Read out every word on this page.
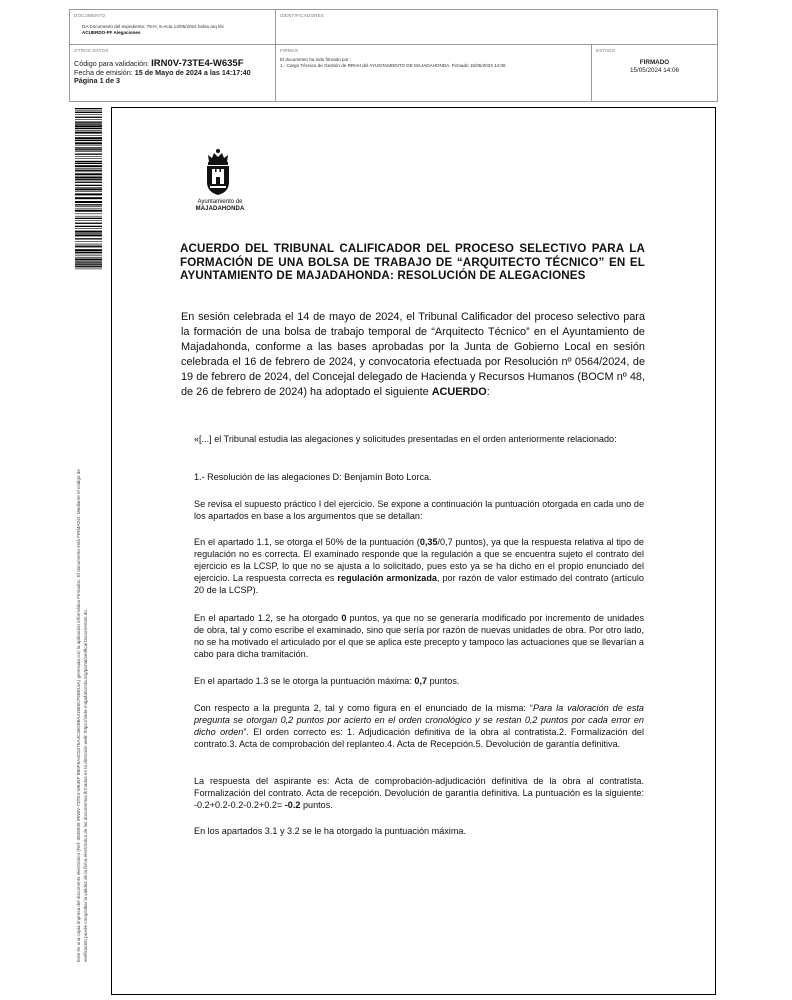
DOCUMENTO
DA Documento del expediente: 79-H, 6-Acta 14/05/2024 bolsa arq téc
ACUERDO-FF Alegaciones
IDENTIFICADORES
OTROS DATOS
Código para validación: IRN0V-73TE4-W635F
Fecha de emisión: 15 de Mayo de 2024 a las 14:17:40
Página 1 de 3
FIRMAS
El documento ha sido firmado por :
1.- Cargo Técnico de Gestión de RRHH del AYUNTAMIENTO DE MAJADAHONDA. Firmado 15/05/2024 14:06
ESTADO
FIRMADO
15/05/2024 14:06
Este es una copia impresa del documento electrónico (Ref: 3845949 IRN0V-73TE4-W635F B60F5A4C5476A4C46DB6A41865CF5B913A) generada con la aplicación informática Firmadoc. El documento está FIRMADO. Mediante el código de verificación puede comprobar la validez de la firma electrónica de los documentos firmados en la dirección web: https://sede.majadahonda.org/portal/verificarDocumentos.do
Ayuntamiento de
MAJADAHONDA
ACUERDO DEL TRIBUNAL CALIFICADOR DEL PROCESO SELECTIVO PARA LA FORMACIÓN DE UNA BOLSA DE TRABAJO DE “ARQUITECTO TÉCNICO” EN EL AYUNTAMIENTO DE MAJADAHONDA: RESOLUCIÓN DE ALEGACIONES
En sesión celebrada el 14 de mayo de 2024, el Tribunal Calificador del proceso selectivo para la formación de una bolsa de trabajo temporal de “Arquitecto Técnico” en el Ayuntamiento de Majadahonda, conforme a las bases aprobadas por la Junta de Gobierno Local en sesión celebrada el 16 de febrero de 2024, y convocatoria efectuada por Resolución nº 0564/2024, de 19 de febrero de 2024, del Concejal delegado de Hacienda y Recursos Humanos (BOCM nº 48, de 26 de febrero de 2024) ha adoptado el siguiente ACUERDO:
«[...] el Tribunal estudia las alegaciones y solicitudes presentadas en el orden anteriormente relacionado:
1.- Resolución de las alegaciones D: Benjamín Boto Lorca.
Se revisa el supuesto práctico I del ejercicio. Se expone a continuación la puntuación otorgada en cada uno de los apartados en base a los argumentos que se detallan:
En el apartado 1.1, se otorga el 50% de la puntuación (0,35/0,7 puntos), ya que la respuesta relativa al tipo de regulación no es correcta. El examinado responde que la regulación a que se encuentra sujeto el contrato del ejercicio es la LCSP, lo que no se ajusta a lo solicitado, pues esto ya se ha dicho en el propio enunciado del ejercicio. La respuesta correcta es regulación armonizada, por razón de valor estimado del contrato (artículo 20 de la LCSP).
En el apartado 1.2, se ha otorgado 0 puntos, ya que no se generaría modificado por incremento de unidades de obra, tal y como escribe el examinado, sino que sería por razón de nuevas unidades de obra. Por otro lado, no se ha motivado el articulado por el que se aplica este precepto y tampoco las actuaciones que se llevarían a cabo para dicha tramitación.
En el apartado 1.3 se le otorga la puntuación máxima: 0,7 puntos.
Con respecto a la pregunta 2, tal y como figura en el enunciado de la misma: “Para la valoración de esta pregunta se otorgan 0,2 puntos por acierto en el orden cronológico y se restan 0,2 puntos por cada error en dicho orden”. El orden correcto es: 1. Adjudicación definitiva de la obra al contratista.2. Formalización del contrato.3. Acta de comprobación del replanteo.4. Acta de Recepción.5. Devolución de garantía definitiva.
La respuesta del aspirante es: Acta de comprobación-adjudicación definitiva de la obra al contratista. Formalización del contrato. Acta de recepción. Devolución de garantía definitiva. La puntuación es la siguiente: -0.2+0.2-0.2-0.2+0.2= -0.2 puntos.
En los apartados 3.1 y 3.2 se le ha otorgado la puntuación máxima.
